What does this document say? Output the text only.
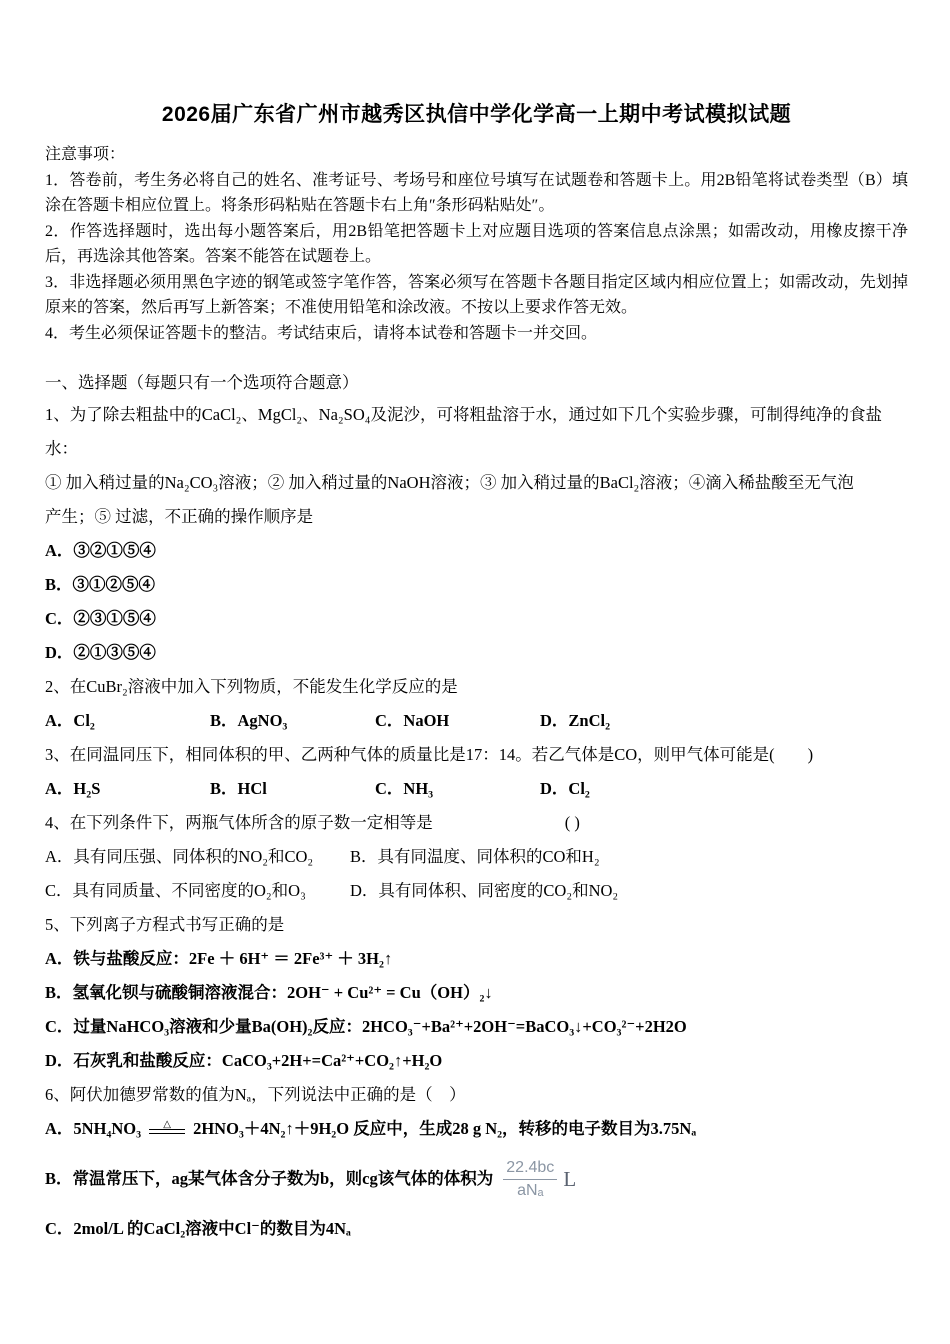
2026届广东省广州市越秀区执信中学化学高一上期中考试模拟试题
注意事项：
1．答卷前，考生务必将自己的姓名、准考证号、考场号和座位号填写在试题卷和答题卡上。用2B铅笔将试卷类型（B）填涂在答题卡相应位置上。将条形码粘贴在答题卡右上角″条形码粘贴处″。
2．作答选择题时，选出每小题答案后，用2B铅笔把答题卡上对应题目选项的答案信息点涂黑；如需改动，用橡皮擦干净后，再选涂其他答案。答案不能答在试题卷上。
3．非选择题必须用黑色字迹的钢笔或签字笔作答，答案必须写在答题卡各题目指定区域内相应位置上；如需改动，先划掉原来的答案，然后再写上新答案；不准使用铅笔和涂改液。不按以上要求作答无效。
4．考生必须保证答题卡的整洁。考试结束后，请将本试卷和答题卡一并交回。
一、选择题（每题只有一个选项符合题意）
1、为了除去粗盐中的CaCl₂、MgCl₂、Na₂SO₄及泥沙，可将粗盐溶于水，通过如下几个实验步骤，可制得纯净的食盐水：
① 加入稍过量的Na₂CO₃溶液；② 加入稍过量的NaOH溶液；③ 加入稍过量的BaCl₂溶液；④滴入稀盐酸至无气泡
产生；⑤ 过滤，不正确的操作顺序是
A．③②①⑤④
B．③①②⑤④
C．②③①⑤④
D．②①③⑤④
2、在CuBr₂溶液中加入下列物质，不能发生化学反应的是
A．Cl₂	B．AgNO₃	C．NaOH	D．ZnCl₂
3、在同温同压下，相同体积的甲、乙两种气体的质量比是17：14。若乙气体是CO，则甲气体可能是(　　)
A．H₂S	B．HCl	C．NH₃	D．Cl₂
4、在下列条件下，两瓶气体所含的原子数一定相等是　　　　　　　　( )
A．具有同压强、同体积的NO₂和CO₂	B．具有同温度、同体积的CO和H₂
C．具有同质量、不同密度的O₂和O₃	D．具有同体积、同密度的CO₂和NO₂
5、下列离子方程式书写正确的是
A．铁与盐酸反应：2Fe ＋ 6H⁺ ＝ 2Fe³⁺ ＋ 3H₂↑
B．氢氧化钡与硫酸铜溶液混合：2OH⁻ + Cu²⁺ = Cu（OH）₂↓
C．过量NaHCO₃溶液和少量Ba(OH)₂反应：2HCO₃⁻+Ba²⁺+2OH⁻=BaCO₃↓+CO₃²⁻+2H2O
D．石灰乳和盐酸反应：CaCO₃+2H+=Ca²⁺+CO₂↑+H₂O
6、阿伏加德罗常数的值为Nₐ，下列说法中正确的是（　）
A．5NH₄NO₃ △ 2HNO₃＋4N₂↑＋9H₂O 反应中，生成28 g N₂，转移的电子数目为3.75Nₐ
B．常温常压下，ag某气体含分子数为b，则cg该气体的体积为 $\frac{22.4bc}{\text{aNₐ}}$ L
C．2mol/L 的CaCl₂溶液中Cl⁻的数目为4Nₐ
